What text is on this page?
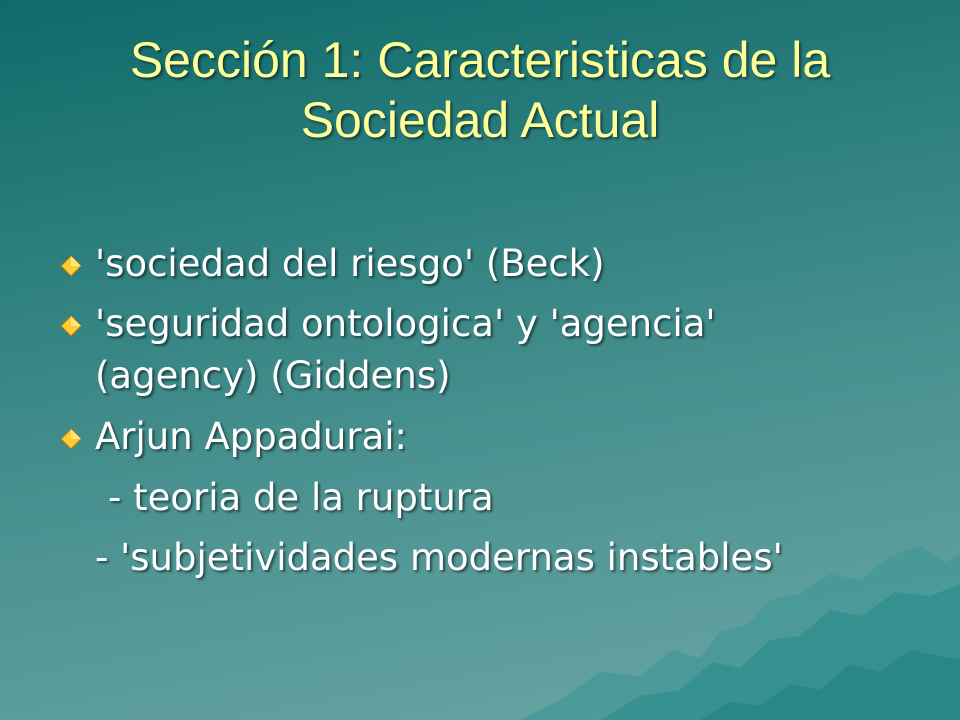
Sección 1: Caracteristicas de la
Sociedad Actual
'sociedad del riesgo' (Beck)
'seguridad ontologica' y 'agencia'
(agency) (Giddens)
Arjun Appadurai:
- teoria de la ruptura
- 'subjetividades modernas instables'
